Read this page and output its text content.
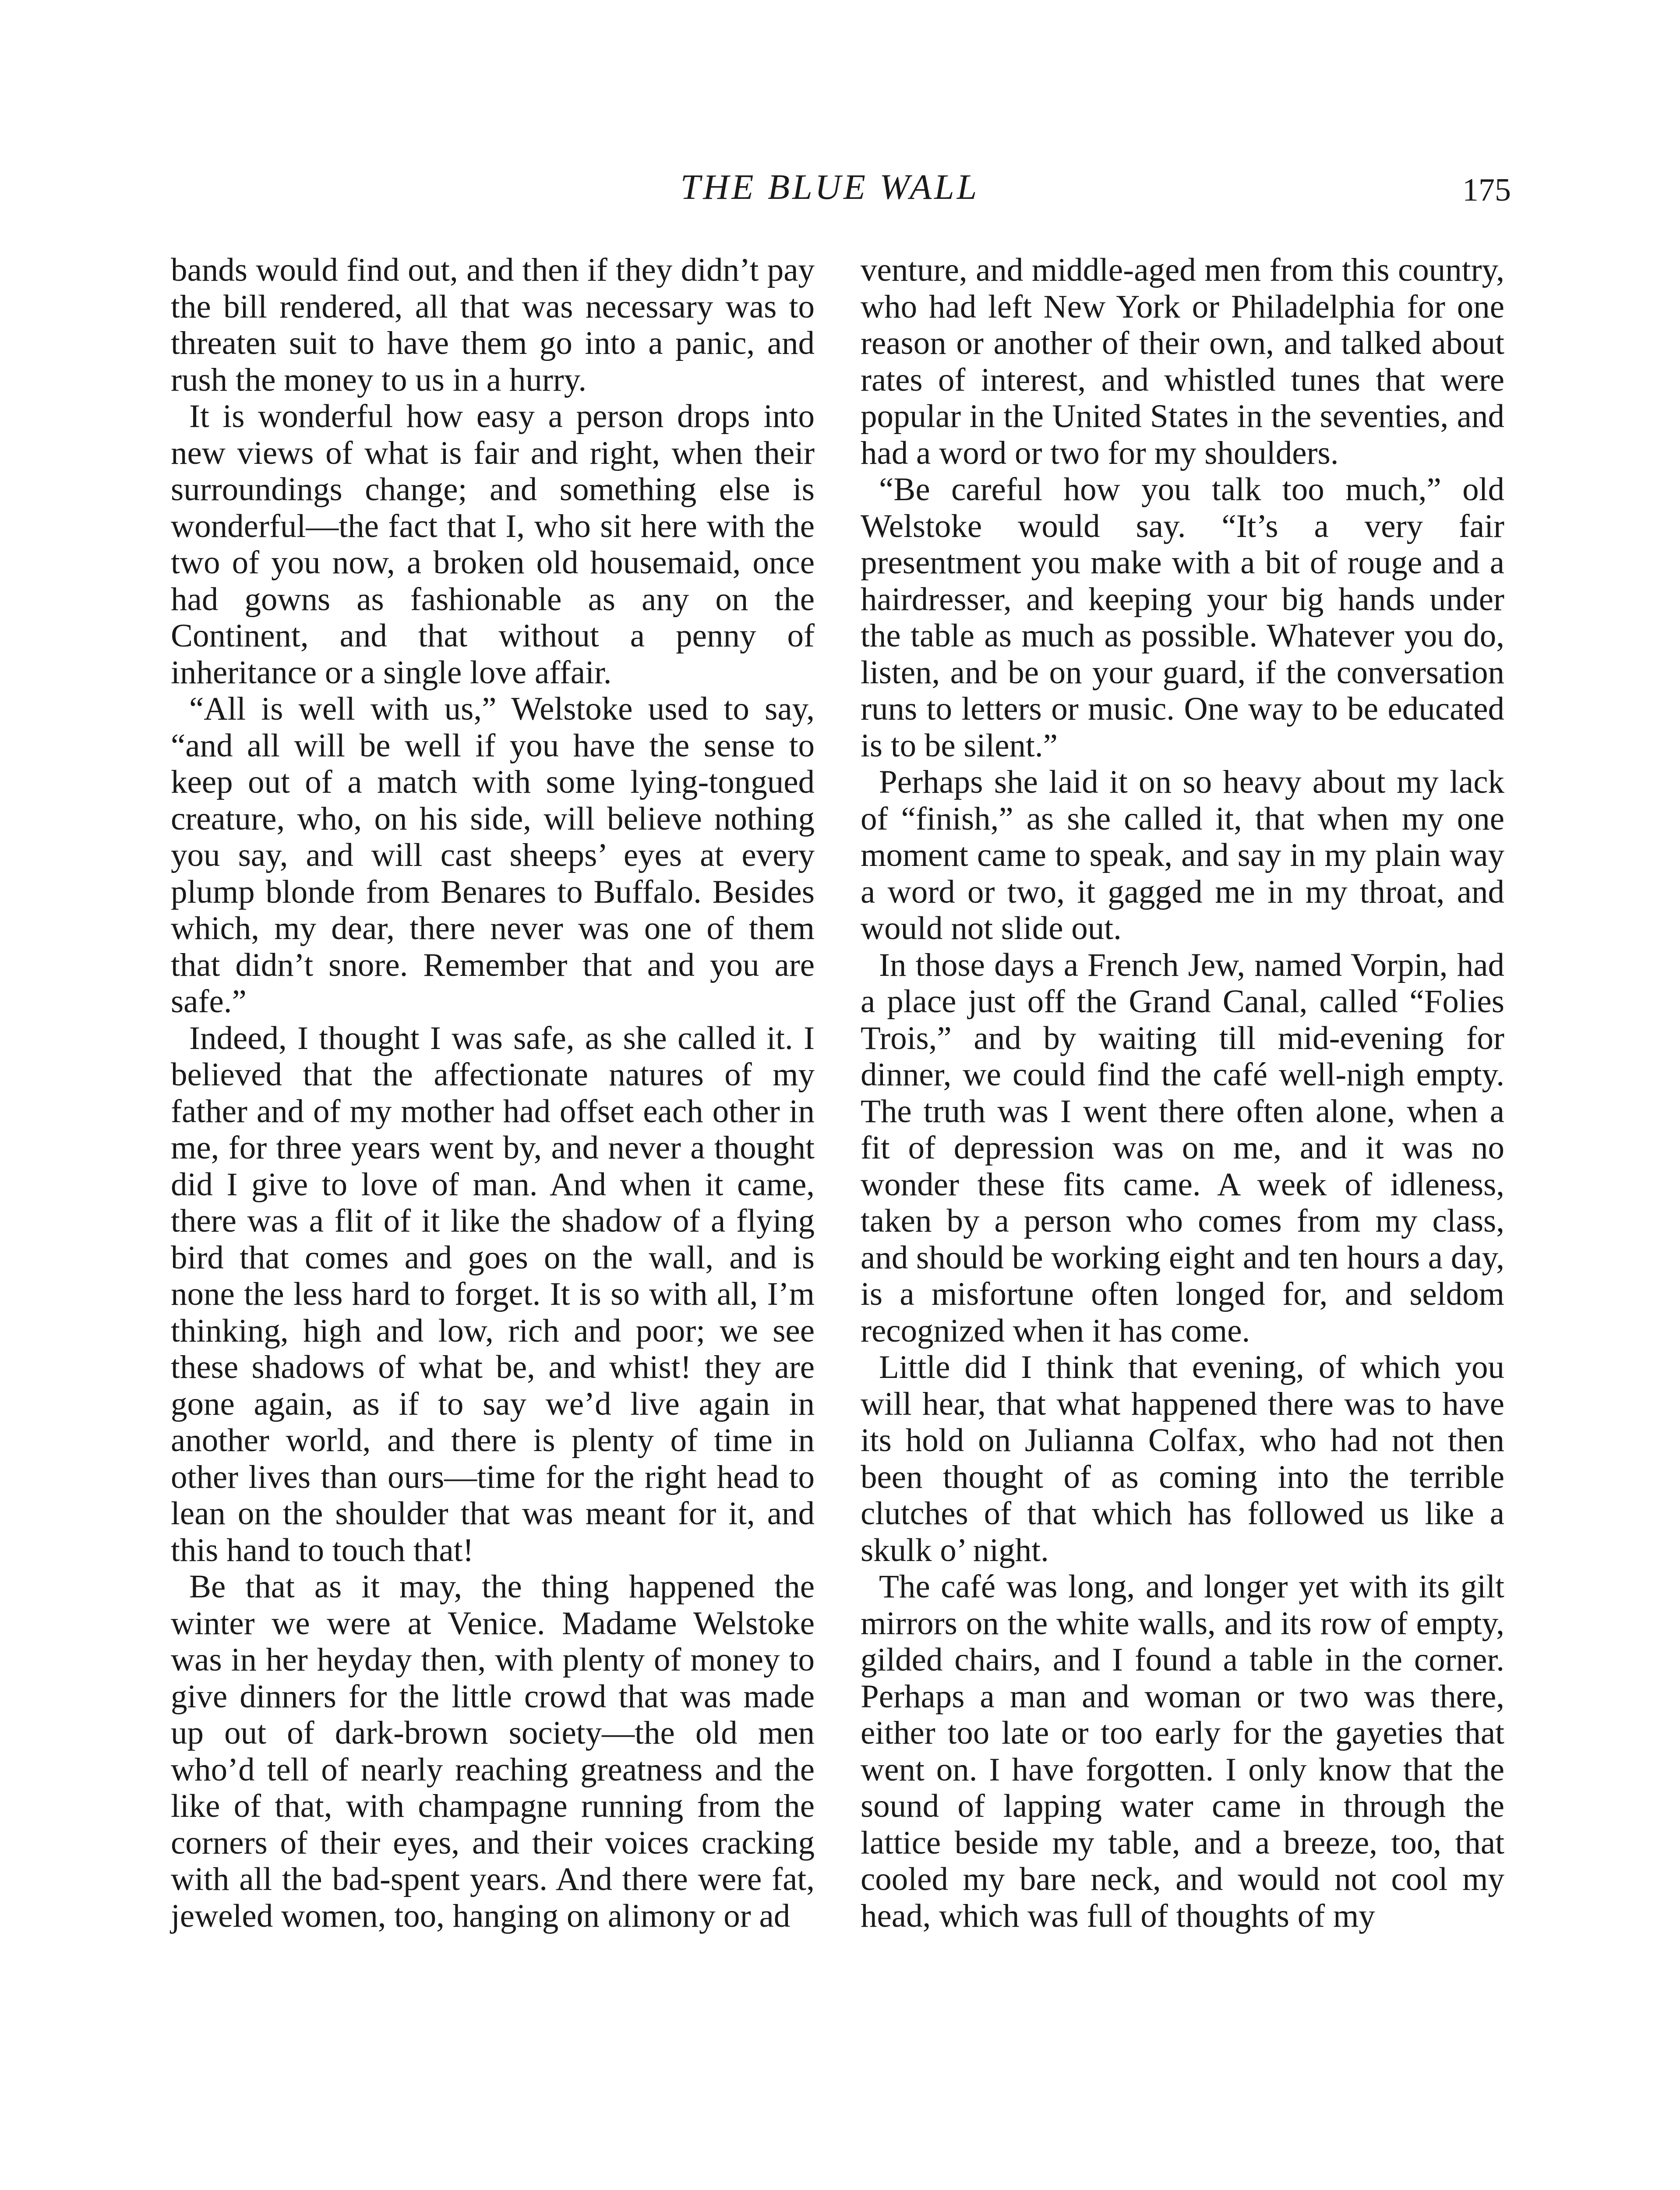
THE BLUE WALL	175

bands would find out, and then if they didn’t pay the bill rendered, all that was necessary was to threaten suit to have them go into a panic, and rush the money to us in a hurry.

It is wonderful how easy a person drops into new views of what is fair and right, when their surroundings change; and something else is wonderful—the fact that I, who sit here with the two of you now, a broken old housemaid, once had gowns as fashionable as any on the Continent, and that without a penny of inheritance or a single love affair.

“All is well with us,” Welstoke used to say, “and all will be well if you have the sense to keep out of a match with some lying-tongued creature, who, on his side, will believe nothing you say, and will cast sheeps’ eyes at every plump blonde from Benares to Buffalo. Besides which, my dear, there never was one of them that didn’t snore. Remember that and you are safe.”

Indeed, I thought I was safe, as she called it. I believed that the affectionate natures of my father and of my mother had offset each other in me, for three years went by, and never a thought did I give to love of man. And when it came, there was a flit of it like the shadow of a flying bird that comes and goes on the wall, and is none the less hard to forget. It is so with all, I’m thinking, high and low, rich and poor; we see these shadows of what be, and whist! they are gone again, as if to say we’d live again in another world, and there is plenty of time in other lives than ours—time for the right head to lean on the shoulder that was meant for it, and this hand to touch that!

Be that as it may, the thing happened the winter we were at Venice. Madame Welstoke was in her heyday then, with plenty of money to give dinners for the little crowd that was made up out of dark-brown society—the old men who’d tell of nearly reaching greatness and the like of that, with champagne running from the corners of their eyes, and their voices cracking with all the bad-spent years. And there were fat, jeweled women, too, hanging on alimony or ad

venture, and middle-aged men from this country, who had left New York or Philadelphia for one reason or another of their own, and talked about rates of interest, and whistled tunes that were popular in the United States in the seventies, and had a word or two for my shoulders.

“Be careful how you talk too much,” old Welstoke would say. “It’s a very fair presentment you make with a bit of rouge and a hairdresser, and keeping your big hands under the table as much as possible. Whatever you do, listen, and be on your guard, if the conversation runs to letters or music. One way to be educated is to be silent.”

Perhaps she laid it on so heavy about my lack of “finish,” as she called it, that when my one moment came to speak, and say in my plain way a word or two, it gagged me in my throat, and would not slide out.

In those days a French Jew, named Vorpin, had a place just off the Grand Canal, called “Folies Trois,” and by waiting till mid-evening for dinner, we could find the café well-nigh empty. The truth was I went there often alone, when a fit of depression was on me, and it was no wonder these fits came. A week of idleness, taken by a person who comes from my class, and should be working eight and ten hours a day, is a misfortune often longed for, and seldom recognized when it has come.

Little did I think that evening, of which you will hear, that what happened there was to have its hold on Julianna Colfax, who had not then been thought of as coming into the terrible clutches of that which has followed us like a skulk o’ night.

The café was long, and longer yet with its gilt mirrors on the white walls, and its row of empty, gilded chairs, and I found a table in the corner. Perhaps a man and woman or two was there, either too late or too early for the gayeties that went on. I have forgotten. I only know that the sound of lapping water came in through the lattice beside my table, and a breeze, too, that cooled my bare neck, and would not cool my head, which was full of thoughts of my
